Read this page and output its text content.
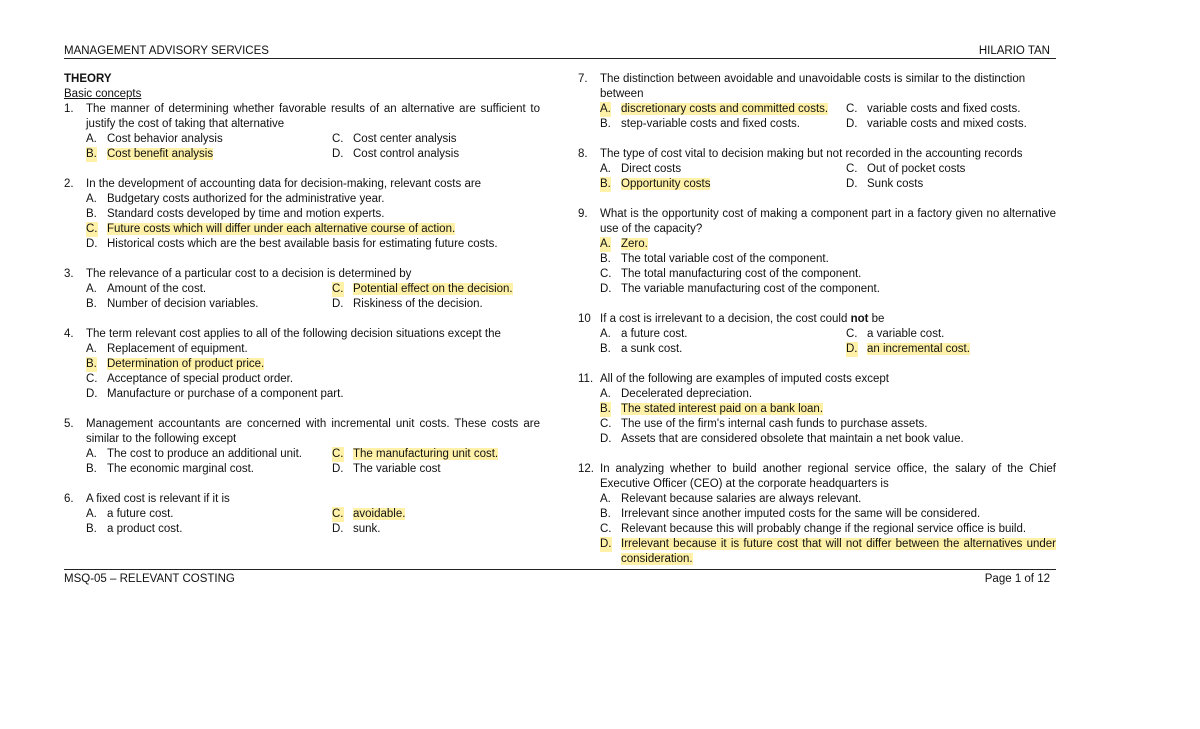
MANAGEMENT ADVISORY SERVICES	HILARIO TAN
THEORY
Basic concepts
1. The manner of determining whether favorable results of an alternative are sufficient to justify the cost of taking that alternative
A. Cost behavior analysis	C. Cost center analysis
B. Cost benefit analysis	D. Cost control analysis
2. In the development of accounting data for decision-making, relevant costs are
A. Budgetary costs authorized for the administrative year.
B. Standard costs developed by time and motion experts.
C. Future costs which will differ under each alternative course of action.
D. Historical costs which are the best available basis for estimating future costs.
3. The relevance of a particular cost to a decision is determined by
A. Amount of the cost.	C. Potential effect on the decision.
B. Number of decision variables.	D. Riskiness of the decision.
4. The term relevant cost applies to all of the following decision situations except the
A. Replacement of equipment.
B. Determination of product price.
C. Acceptance of special product order.
D. Manufacture or purchase of a component part.
5. Management accountants are concerned with incremental unit costs. These costs are similar to the following except
A. The cost to produce an additional unit.	C. The manufacturing unit cost.
B. The economic marginal cost.	D. The variable cost
6. A fixed cost is relevant if it is
A. a future cost.	C. avoidable.
B. a product cost.	D. sunk.
7. The distinction between avoidable and unavoidable costs is similar to the distinction between
A. discretionary costs and committed costs.	C. variable costs and fixed costs.
B. step-variable costs and fixed costs.	D. variable costs and mixed costs.
8. The type of cost vital to decision making but not recorded in the accounting records
A. Direct costs	C. Out of pocket costs
B. Opportunity costs	D. Sunk costs
9. What is the opportunity cost of making a component part in a factory given no alternative use of the capacity?
A. Zero.
B. The total variable cost of the component.
C. The total manufacturing cost of the component.
D. The variable manufacturing cost of the component.
10 If a cost is irrelevant to a decision, the cost could not be
A. a future cost.	C. a variable cost.
B. a sunk cost.	D. an incremental cost.
11. All of the following are examples of imputed costs except
A. Decelerated depreciation.
B. The stated interest paid on a bank loan.
C. The use of the firm's internal cash funds to purchase assets.
D. Assets that are considered obsolete that maintain a net book value.
12. In analyzing whether to build another regional service office, the salary of the Chief Executive Officer (CEO) at the corporate headquarters is
A. Relevant because salaries are always relevant.
B. Irrelevant since another imputed costs for the same will be considered.
C. Relevant because this will probably change if the regional service office is build.
D. Irrelevant because it is future cost that will not differ between the alternatives under consideration.
MSQ-05 – RELEVANT COSTING	Page 1 of 12
